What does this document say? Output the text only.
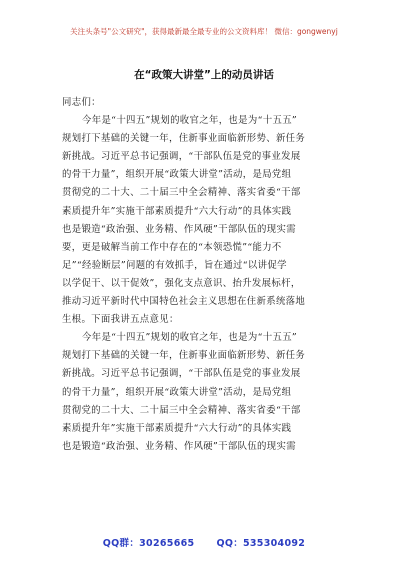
关注头条号"公文研究"，获得最新最全最专业的公文资料库！ 微信：gongwenyj
在“政策大讲堂”上的动员讲话
同志们：
今年是“十四五”规划的收官之年，也是为“十五五”
规划打下基础的关键一年，住新事业面临新形势、新任务
新挑战。习近平总书记强调，“干部队伍是党的事业发展
的骨干力量”，组织开展“政策大讲堂”活动，是局党组
贯彻党的二十大、二十届三中全会精神、落实省委“干部
素质提升年”实施干部素质提升“六大行动”的具体实践
也是锻造“政治强、业务精、作风硬”干部队伍的现实需
要，更是破解当前工作中存在的“本领恐慌”“能力不
足”“经验断层”问题的有效抓手，旨在通过“以讲促学
以学促干、以干促效”，强化支点意识、抬升发展标杆，
推动习近平新时代中国特色社会主义思想在住新系统落地
生根。下面我讲五点意见：
今年是“十四五”规划的收官之年，也是为“十五五”
规划打下基础的关键一年，住新事业面临新形势、新任务
新挑战。习近平总书记强调，“干部队伍是党的事业发展
的骨干力量”，组织开展“政策大讲堂”活动，是局党组
贯彻党的二十大、二十届三中全会精神、落实省委“干部
素质提升年”实施干部素质提升“六大行动”的具体实践
也是锻造“政治强、业务精、作风硬”干部队伍的现实需
QQ群：30265665 QQ：535304092
